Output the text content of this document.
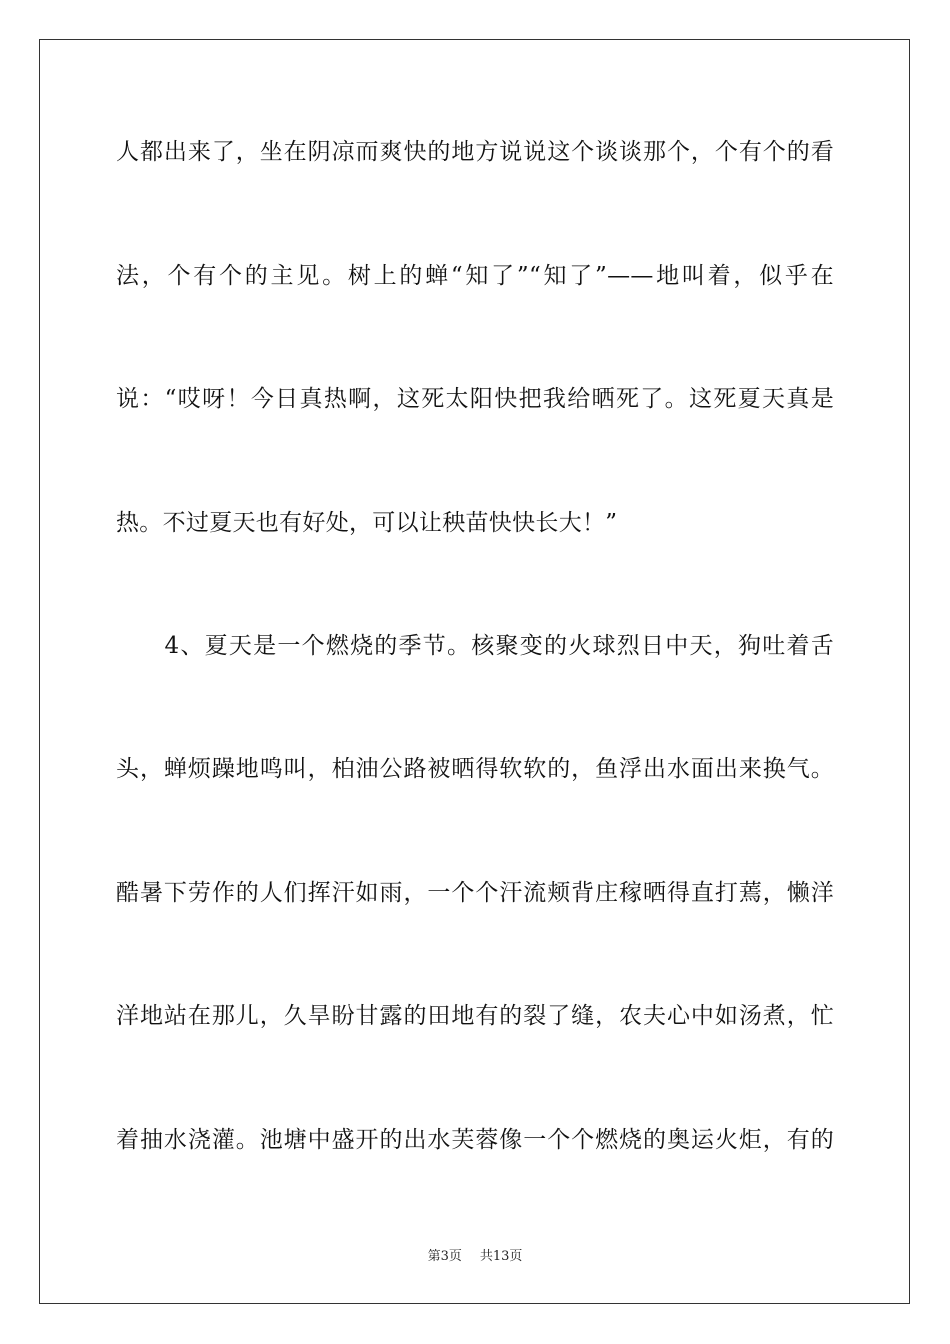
人都出来了，坐在阴凉而爽快的地方说说这个谈谈那个，个有个的看
法，个有个的主见。树上的蝉“知了”“知了”——地叫着，似乎在
说：“哎呀！今日真热啊，这死太阳快把我给晒死了。这死夏天真是
热。不过夏天也有好处，可以让秧苗快快长大！”
　　4、夏天是一个燃烧的季节。核聚变的火球烈日中天，狗吐着舌
头，蝉烦躁地鸣叫，柏油公路被晒得软软的，鱼浮出水面出来换气。
酷暑下劳作的人们挥汗如雨，一个个汗流颊背庄稼晒得直打蔫，懒洋
洋地站在那儿，久旱盼甘露的田地有的裂了缝，农夫心中如汤煮，忙
着抽水浇灌。池塘中盛开的出水芙蓉像一个个燃烧的奥运火炬，有的
第3页 共13页
